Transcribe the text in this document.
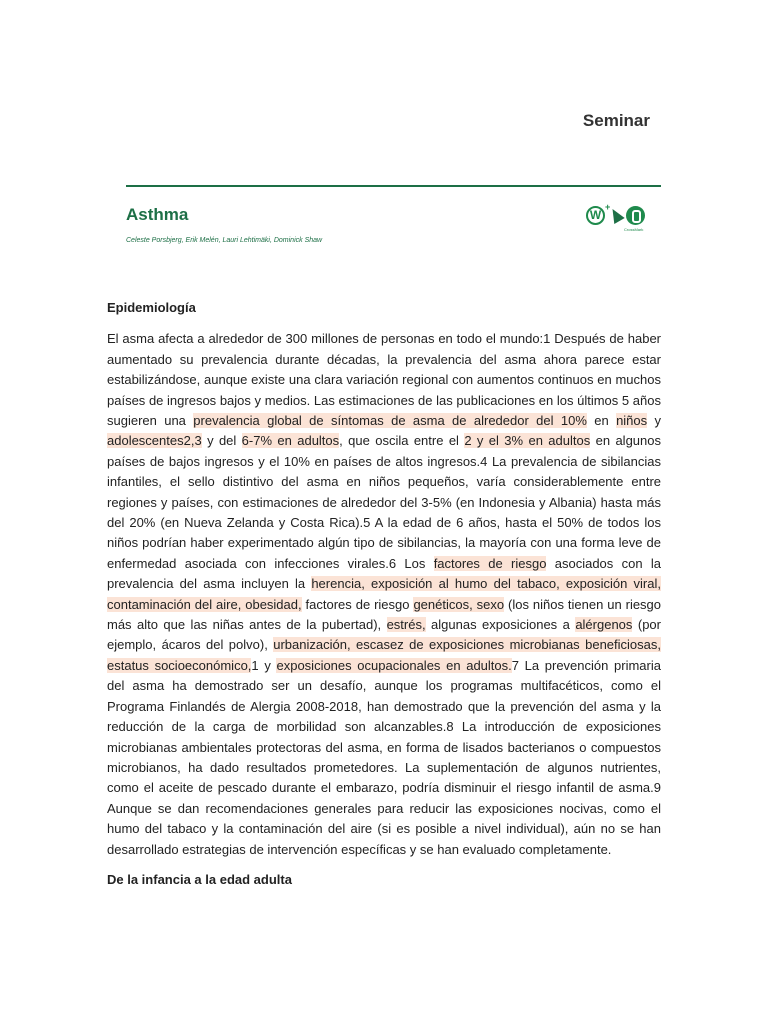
Seminar
Asthma
Celeste Porsbjerg, Erik Melén, Lauri Lehtimäki, Dominick Shaw
W
+
CrossMark

Epidemiología

El asma afecta a alrededor de 300 millones de personas en todo el mundo:1 Después de haber aumentado su prevalencia durante décadas, la prevalencia del asma ahora parece estar estabilizándose, aunque existe una clara variación regional con aumentos continuos en muchos países de ingresos bajos y medios. Las estimaciones de las publicaciones en los últimos 5 años sugieren una prevalencia global de síntomas de asma de alrededor del 10% en niños y adolescentes2,3 y del 6-7% en adultos, que oscila entre el 2 y el 3% en adultos en algunos países de bajos ingresos y el 10% en países de altos ingresos.4 La prevalencia de sibilancias infantiles, el sello distintivo del asma en niños pequeños, varía considerablemente entre regiones y países, con estimaciones de alrededor del 3-5% (en Indonesia y Albania) hasta más del 20% (en Nueva Zelanda y Costa Rica).5 A la edad de 6 años, hasta el 50% de todos los niños podrían haber experimentado algún tipo de sibilancias, la mayoría con una forma leve de enfermedad asociada con infecciones virales.6 Los factores de riesgo asociados con la prevalencia del asma incluyen la herencia, exposición al humo del tabaco, exposición viral, contaminación del aire, obesidad, factores de riesgo genéticos, sexo (los niños tienen un riesgo más alto que las niñas antes de la pubertad), estrés, algunas exposiciones a alérgenos (por ejemplo, ácaros del polvo), urbanización, escasez de exposiciones microbianas beneficiosas, estatus socioeconómico,1 y exposiciones ocupacionales en adultos.7 La prevención primaria del asma ha demostrado ser un desafío, aunque los programas multifacéticos, como el Programa Finlandés de Alergia 2008-2018, han demostrado que la prevención del asma y la reducción de la carga de morbilidad son alcanzables.8 La introducción de exposiciones microbianas ambientales protectoras del asma, en forma de lisados bacterianos o compuestos microbianos, ha dado resultados prometedores. La suplementación de algunos nutrientes, como el aceite de pescado durante el embarazo, podría disminuir el riesgo infantil de asma.9 Aunque se dan recomendaciones generales para reducir las exposiciones nocivas, como el humo del tabaco y la contaminación del aire (si es posible a nivel individual), aún no se han desarrollado estrategias de intervención específicas y se han evaluado completamente.

De la infancia a la edad adulta
